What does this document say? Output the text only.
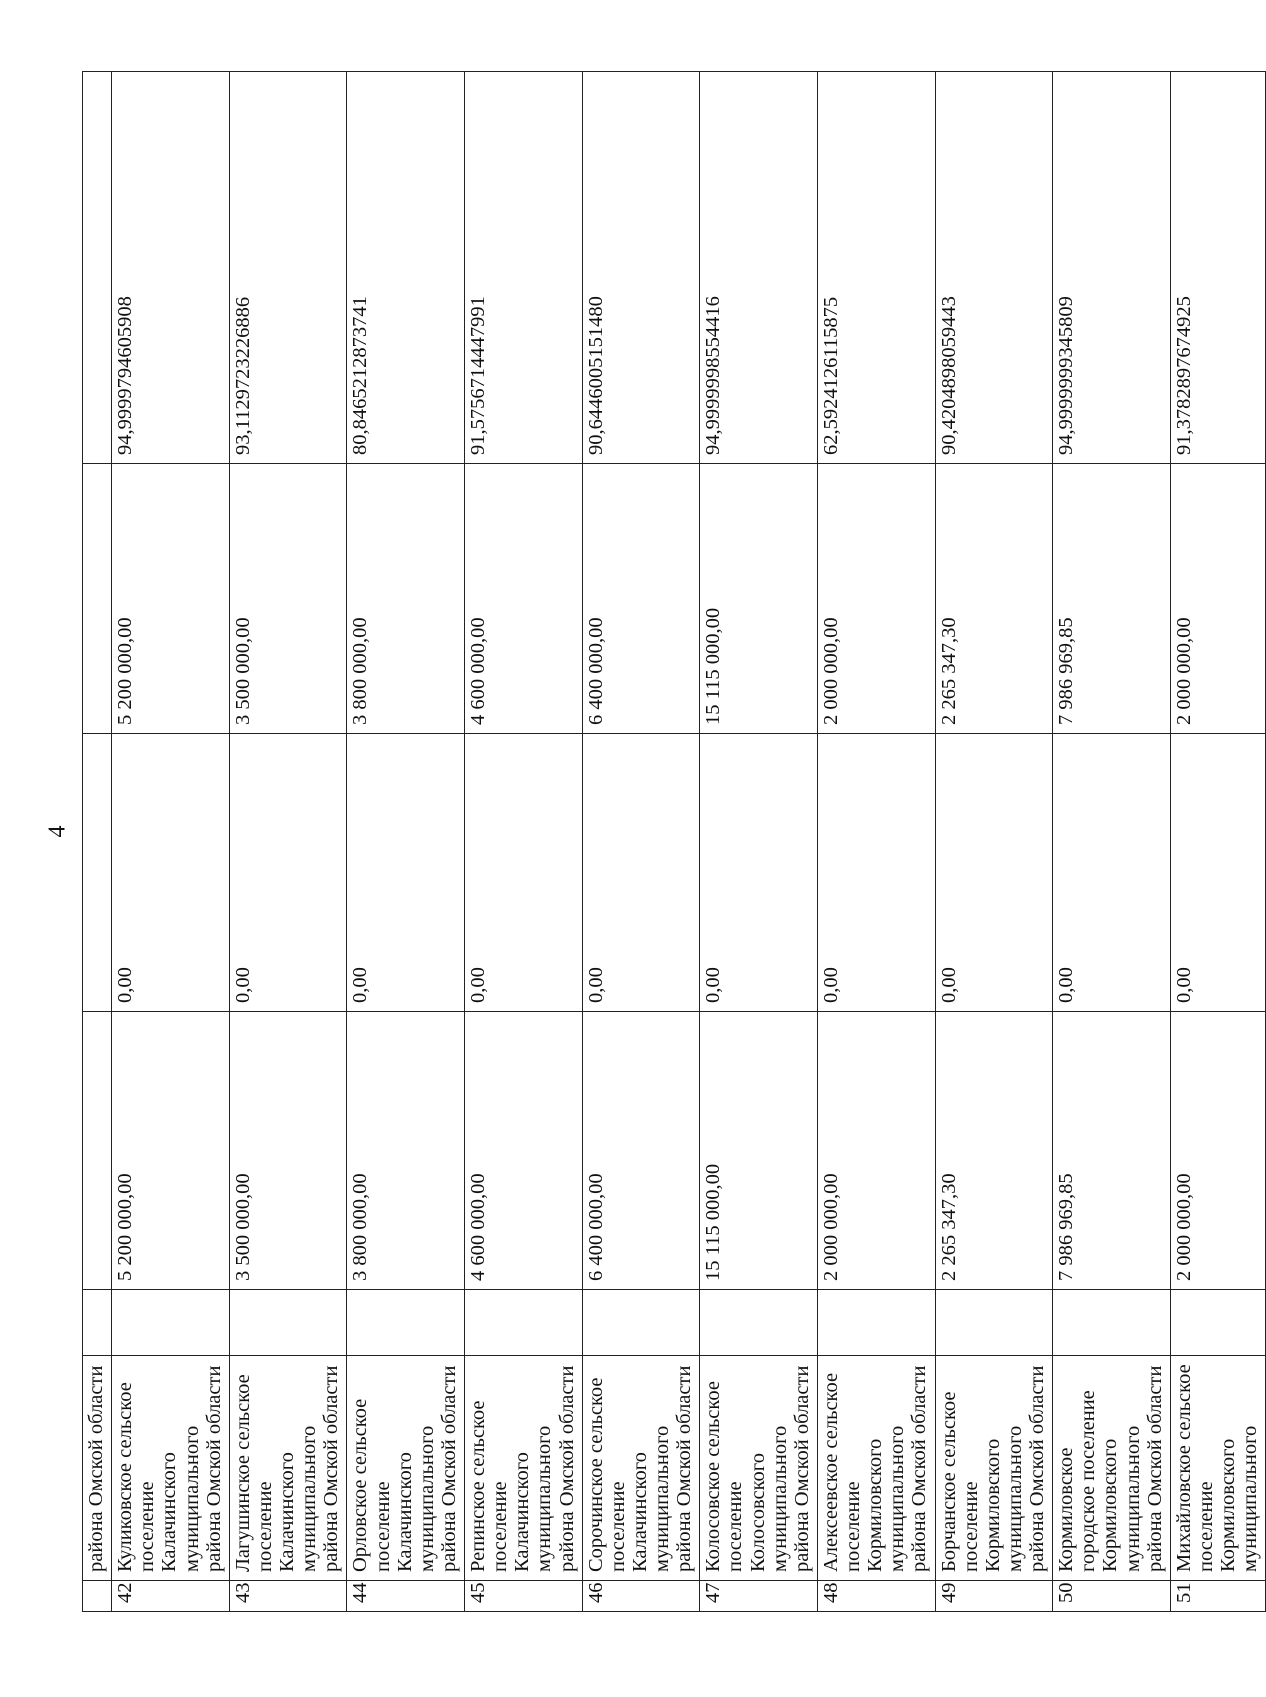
4
	района Омской области					
42	Куликовское сельское поселение Калачинского муниципального района Омской области		5 200 000,00	0,00	5 200 000,00	94,9999794605908
43	Лагушинское сельское поселение Калачинского муниципального района Омской области		3 500 000,00	0,00	3 500 000,00	93,1129723226886
44	Орловское сельское поселение Калачинского муниципального района Омской области		3 800 000,00	0,00	3 800 000,00	80,8465212873741
45	Репинское сельское поселение Калачинского муниципального района Омской области		4 600 000,00	0,00	4 600 000,00	91,5756714447991
46	Сорочинское сельское поселение Калачинского муниципального района Омской области		6 400 000,00	0,00	6 400 000,00	90,6446005151480
47	Колосовское сельское поселение Колосовского муниципального района Омской области		15 115 000,00	0,00	15 115 000,00	94,9999998554416
48	Алексеевское сельское поселение Кормиловского муниципального района Омской области		2 000 000,00	0,00	2 000 000,00	62,5924126115875
49	Борчанское сельское поселение Кормиловского муниципального района Омской области		2 265 347,30	0,00	2 265 347,30	90,4204898059443
50	Кормиловское городское поселение Кормиловского муниципального района Омской области		7 986 969,85	0,00	7 986 969,85	94,9999999345809
51	Михайловское сельское поселение Кормиловского муниципального		2 000 000,00	0,00	2 000 000,00	91,3782897674925
